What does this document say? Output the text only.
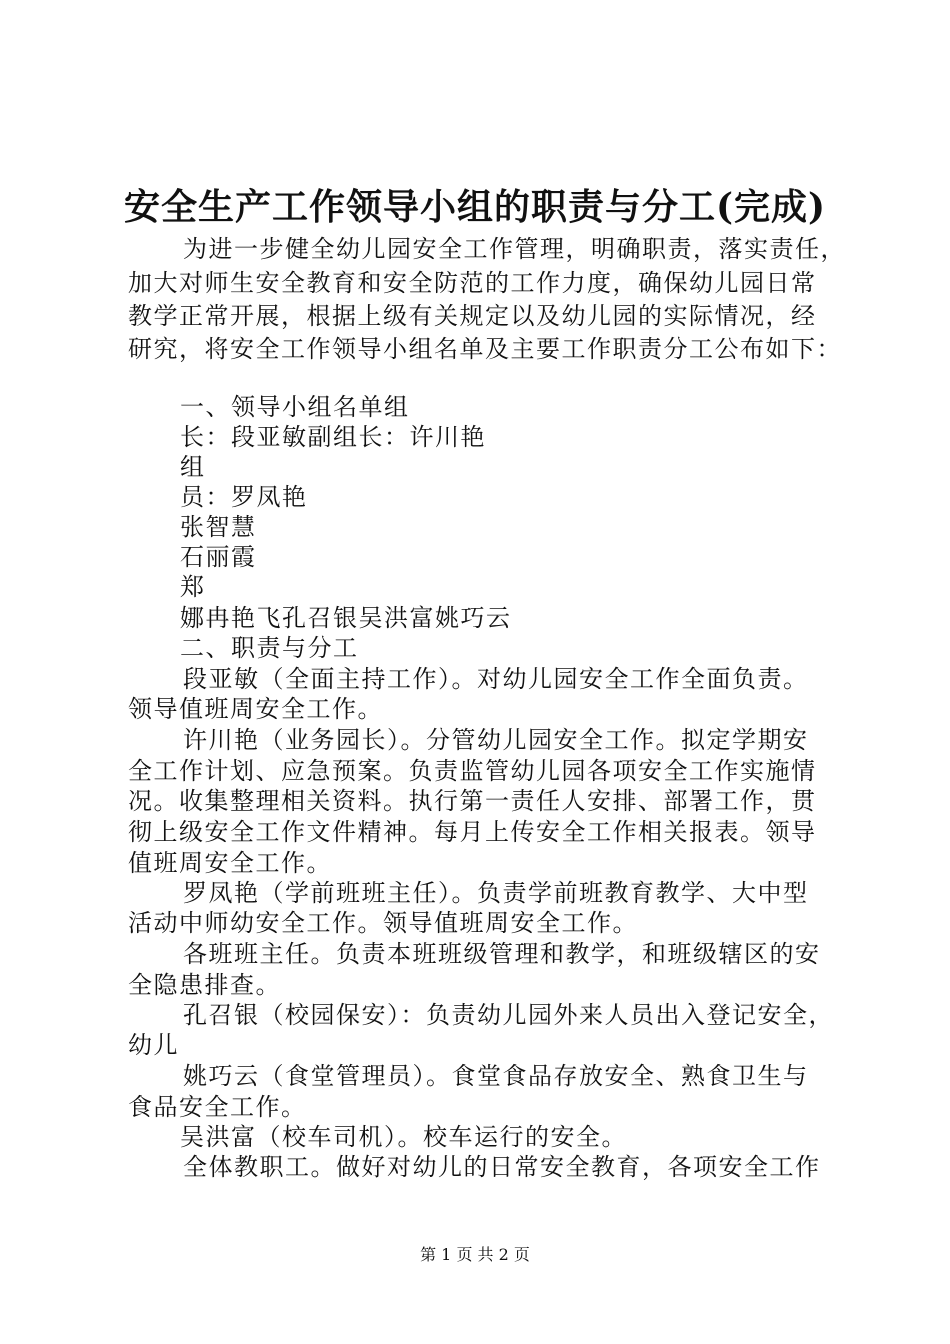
安全生产工作领导小组的职责与分工(完成)
为进一步健全幼儿园安全工作管理，明确职责，落实责任，
加大对师生安全教育和安全防范的工作力度，确保幼儿园日常
教学正常开展，根据上级有关规定以及幼儿园的实际情况，经
研究，将安全工作领导小组名单及主要工作职责分工公布如下：
一、领导小组名单组
长：段亚敏副组长：许川艳
组
员：罗凤艳
张智慧
石丽霞
郑
娜冉艳飞孔召银吴洪富姚巧云
二、职责与分工
段亚敏（全面主持工作）。对幼儿园安全工作全面负责。
领导值班周安全工作。
许川艳（业务园长）。分管幼儿园安全工作。拟定学期安
全工作计划、应急预案。负责监管幼儿园各项安全工作实施情
况。收集整理相关资料。执行第一责任人安排、部署工作，贯
彻上级安全工作文件精神。每月上传安全工作相关报表。领导
值班周安全工作。
罗凤艳（学前班班主任）。负责学前班教育教学、大中型
活动中师幼安全工作。领导值班周安全工作。
各班班主任。负责本班班级管理和教学，和班级辖区的安
全隐患排查。
孔召银（校园保安）：负责幼儿园外来人员出入登记安全，
幼儿
姚巧云（食堂管理员）。食堂食品存放安全、熟食卫生与
食品安全工作。
吴洪富（校车司机）。校车运行的安全。
全体教职工。做好对幼儿的日常安全教育，各项安全工作
第 1 页 共 2 页
